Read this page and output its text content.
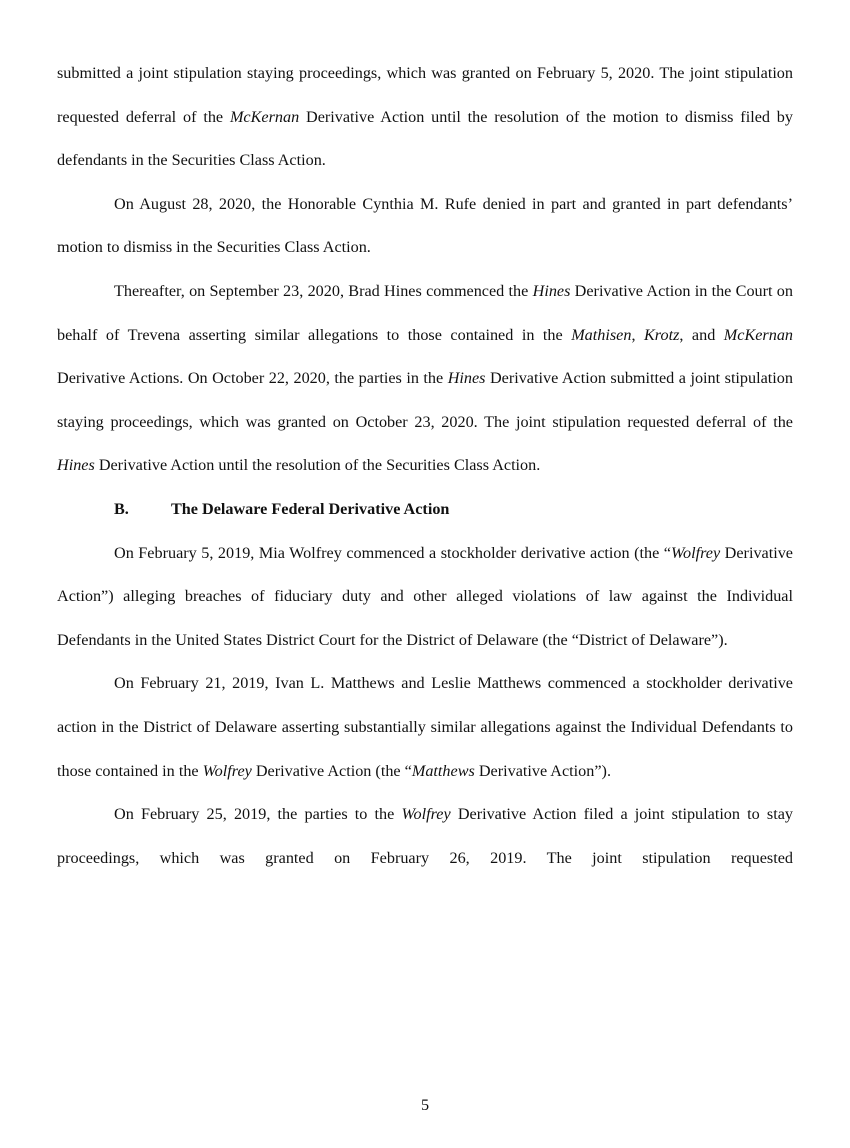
submitted a joint stipulation staying proceedings, which was granted on February 5, 2020. The joint stipulation requested deferral of the McKernan Derivative Action until the resolution of the motion to dismiss filed by defendants in the Securities Class Action.

On August 28, 2020, the Honorable Cynthia M. Rufe denied in part and granted in part defendants’ motion to dismiss in the Securities Class Action.

Thereafter, on September 23, 2020, Brad Hines commenced the Hines Derivative Action in the Court on behalf of Trevena asserting similar allegations to those contained in the Mathisen, Krotz, and McKernan Derivative Actions. On October 22, 2020, the parties in the Hines Derivative Action submitted a joint stipulation staying proceedings, which was granted on October 23, 2020. The joint stipulation requested deferral of the Hines Derivative Action until the resolution of the Securities Class Action.

B.	The Delaware Federal Derivative Action

On February 5, 2019, Mia Wolfrey commenced a stockholder derivative action (the “Wolfrey Derivative Action”) alleging breaches of fiduciary duty and other alleged violations of law against the Individual Defendants in the United States District Court for the District of Delaware (the “District of Delaware”).

On February 21, 2019, Ivan L. Matthews and Leslie Matthews commenced a stockholder derivative action in the District of Delaware asserting substantially similar allegations against the Individual Defendants to those contained in the Wolfrey Derivative Action (the “Matthews Derivative Action”).

On February 25, 2019, the parties to the Wolfrey Derivative Action filed a joint stipulation to stay proceedings, which was granted on February 26, 2019. The joint stipulation requested

5
